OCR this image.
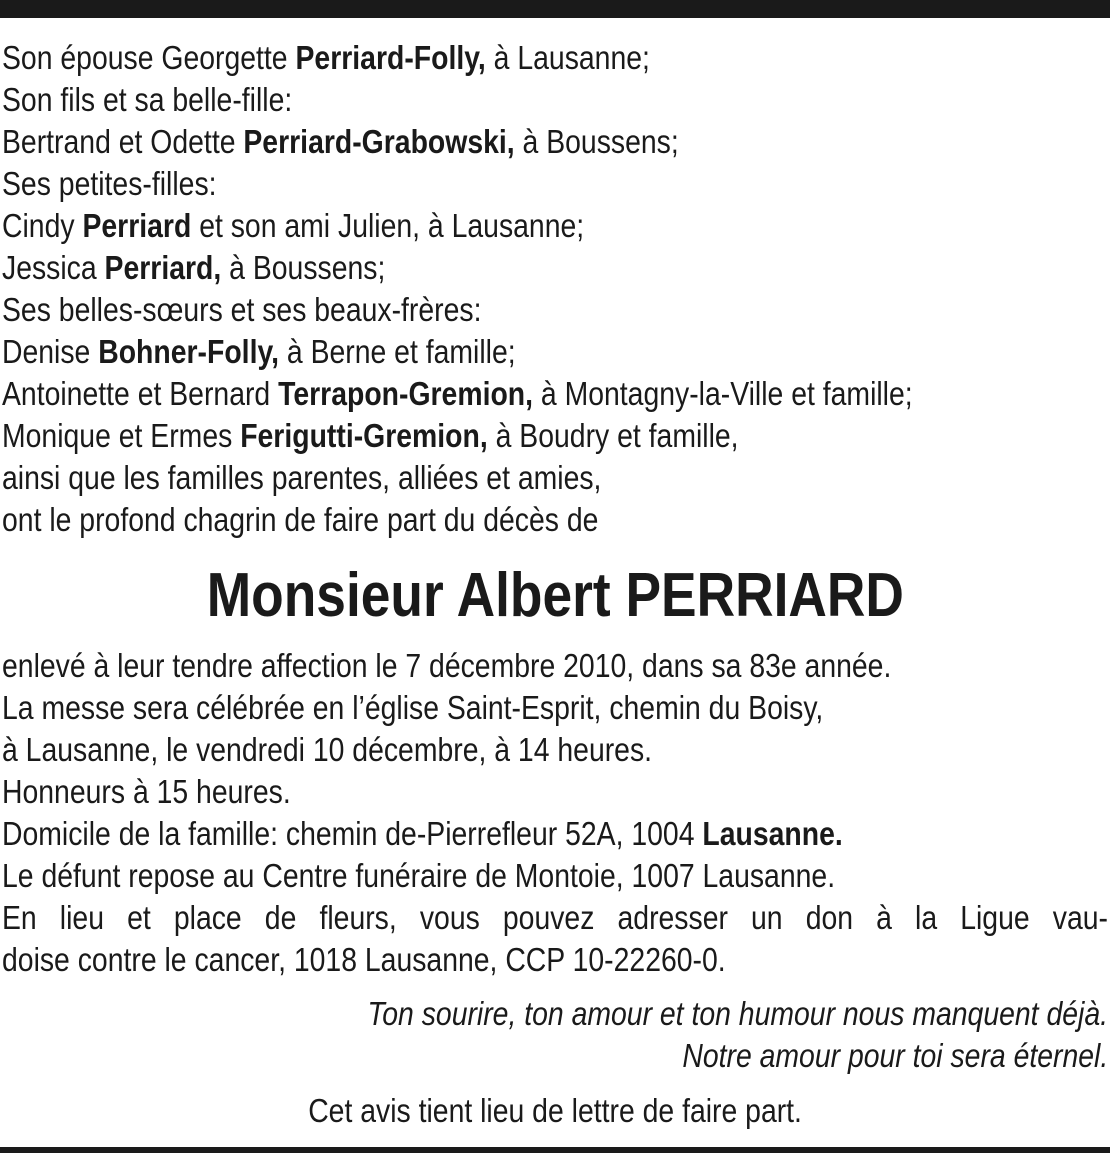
Son épouse Georgette Perriard-Folly, à Lausanne;
Son fils et sa belle-fille:
Bertrand et Odette Perriard-Grabowski, à Boussens;
Ses petites-filles:
Cindy Perriard et son ami Julien, à Lausanne;
Jessica Perriard, à Boussens;
Ses belles-sœurs et ses beaux-frères:
Denise Bohner-Folly, à Berne et famille;
Antoinette et Bernard Terrapon-Gremion, à Montagny-la-Ville et famille;
Monique et Ermes Ferigutti-Gremion, à Boudry et famille,
ainsi que les familles parentes, alliées et amies,
ont le profond chagrin de faire part du décès de
Monsieur Albert PERRIARD
enlevé à leur tendre affection le 7 décembre 2010, dans sa 83e année.
La messe sera célébrée en l’église Saint-Esprit, chemin du Boisy,
à Lausanne, le vendredi 10 décembre, à 14 heures.
Honneurs à 15 heures.
Domicile de la famille: chemin de-Pierrefleur 52A, 1004 Lausanne.
Le défunt repose au Centre funéraire de Montoie, 1007 Lausanne.
En lieu et place de fleurs, vous pouvez adresser un don à la Ligue vau-
doise contre le cancer, 1018 Lausanne, CCP 10-22260-0.
Ton sourire, ton amour et ton humour nous manquent déjà.
Notre amour pour toi sera éternel.
Cet avis tient lieu de lettre de faire part.
